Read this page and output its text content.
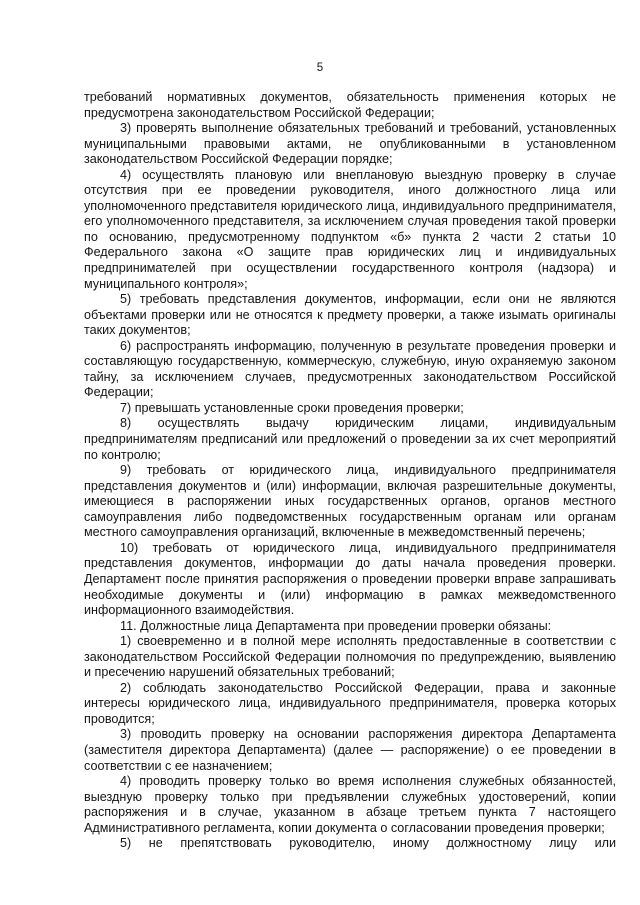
5

требований нормативных документов, обязательность применения которых не предусмотрена законодательством Российской Федерации;

3) проверять выполнение обязательных требований и требований, установленных муниципальными правовыми актами, не опубликованными в установленном законодательством Российской Федерации порядке;

4) осуществлять плановую или внеплановую выездную проверку в случае отсутствия при ее проведении руководителя, иного должностного лица или уполномоченного представителя юридического лица, индивидуального предпринимателя, его уполномоченного представителя, за исключением случая проведения такой проверки по основанию, предусмотренному подпунктом «б» пункта 2 части 2 статьи 10 Федерального закона «О защите прав юридических лиц и индивидуальных предпринимателей при осуществлении государственного контроля (надзора) и муниципального контроля»;

5) требовать представления документов, информации, если они не являются объектами проверки или не относятся к предмету проверки, а также изымать оригиналы таких документов;

6) распространять информацию, полученную в результате проведения проверки и составляющую государственную, коммерческую, служебную, иную охраняемую законом тайну, за исключением случаев, предусмотренных законодательством Российской Федерации;

7) превышать установленные сроки проведения проверки;

8) осуществлять выдачу юридическим лицами, индивидуальным предпринимателям предписаний или предложений о проведении за их счет мероприятий по контролю;

9) требовать от юридического лица, индивидуального предпринимателя представления документов и (или) информации, включая разрешительные документы, имеющиеся в распоряжении иных государственных органов, органов местного самоуправления либо подведомственных государственным органам или органам местного самоуправления организаций, включенные в межведомственный перечень;

10) требовать от юридического лица, индивидуального предпринимателя представления документов, информации до даты начала проведения проверки. Департамент после принятия распоряжения о проведении проверки вправе запрашивать необходимые документы и (или) информацию в рамках межведомственного информационного взаимодействия.

11. Должностные лица Департамента при проведении проверки обязаны:

1) своевременно и в полной мере исполнять предоставленные в соответствии с законодательством Российской Федерации полномочия по предупреждению, выявлению и пресечению нарушений обязательных требований;

2) соблюдать законодательство Российской Федерации, права и законные интересы юридического лица, индивидуального предпринимателя, проверка которых проводится;

3) проводить проверку на основании распоряжения директора Департамента (заместителя директора Департамента) (далее — распоряжение) о ее проведении в соответствии с ее назначением;

4) проводить проверку только во время исполнения служебных обязанностей, выездную проверку только при предъявлении служебных удостоверений, копии распоряжения и в случае, указанном в абзаце третьем пункта 7 настоящего Административного регламента, копии документа о согласовании проведения проверки;

5) не препятствовать руководителю, иному должностному лицу или
